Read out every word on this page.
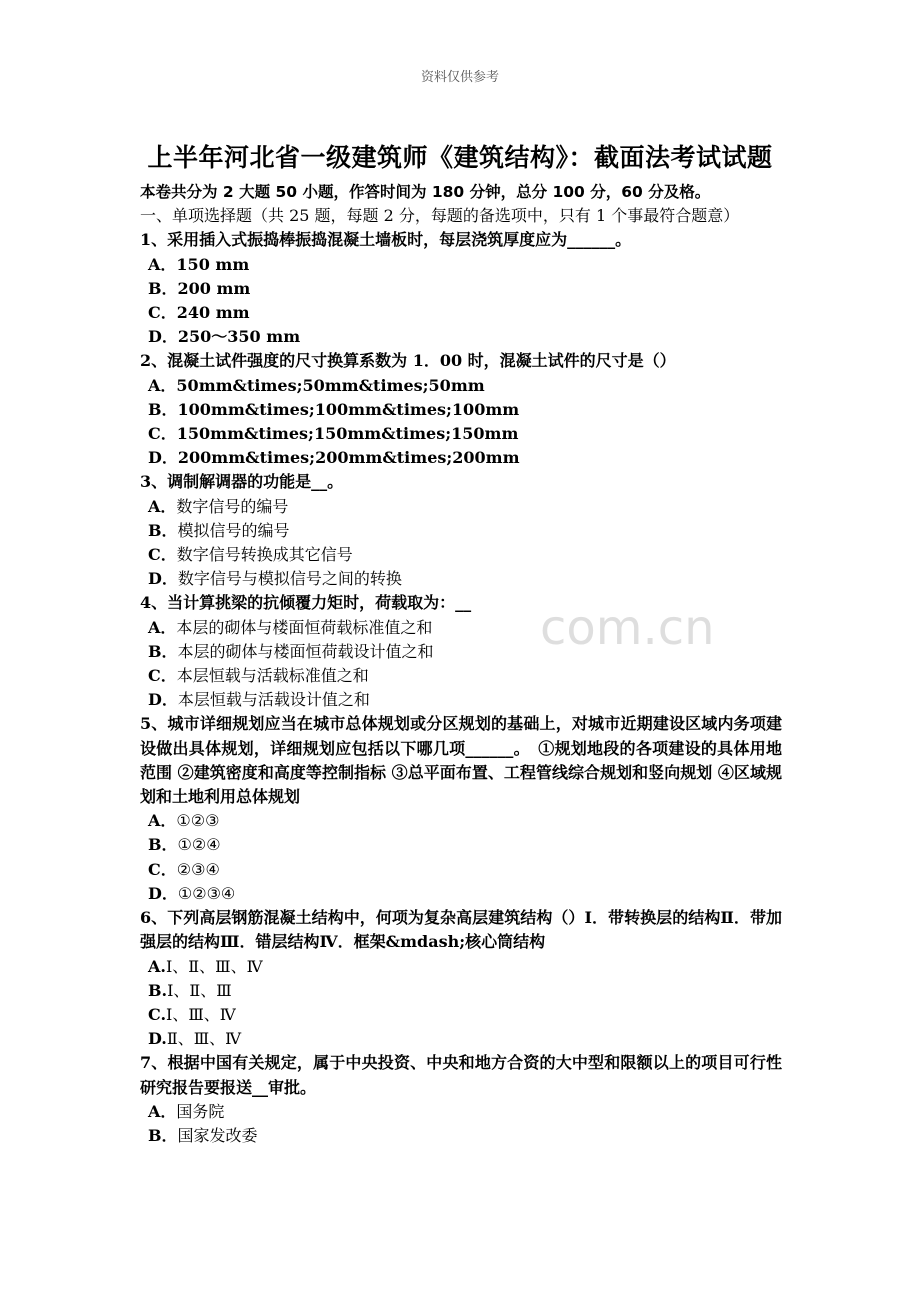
资料仅供参考
上半年河北省一级建筑师《建筑结构》：截面法考试试题

本卷共分为 2 大题 50 小题，作答时间为 180 分钟，总分 100 分，60 分及格。

一、单项选择题（共 25 题，每题 2 分，每题的备选项中，只有 1 个事最符合题意）

1、采用插入式振捣棒振捣混凝土墙板时，每层浇筑厚度应为______。

A．150 mm

B．200 mm

C．240 mm

D．250～350 mm

2、混凝土试件强度的尺寸换算系数为 1．00 时，混凝土试件的尺寸是（）

A．50mm&times;50mm&times;50mm

B．100mm&times;100mm&times;100mm

C．150mm&times;150mm&times;150mm

D．200mm&times;200mm&times;200mm

3、调制解调器的功能是__。

A．数字信号的编号

B．模拟信号的编号

C．数字信号转换成其它信号

D．数字信号与模拟信号之间的转换

4、当计算挑梁的抗倾覆力矩时，荷载取为：__

A．本层的砌体与楼面恒荷载标准值之和

B．本层的砌体与楼面恒荷载设计值之和

C．本层恒载与活载标准值之和

D．本层恒载与活载设计值之和

5、城市详细规划应当在城市总体规划或分区规划的基础上，对城市近期建设区域内务项建设做出具体规划，详细规划应包括以下哪几项______。　①规划地段的各项建设的具体用地范围 ②建筑密度和高度等控制指标 ③总平面布置、工程管线综合规划和竖向规划 ④区域规划和土地利用总体规划

A．①②③

B．①②④

C．②③④

D．①②③④

6、下列高层钢筋混凝土结构中，何项为复杂高层建筑结构（）Ⅰ．带转换层的结构Ⅱ．带加强层的结构Ⅲ．错层结构Ⅳ．框架&mdash;核心筒结构

A.Ⅰ、Ⅱ、Ⅲ、Ⅳ

B.Ⅰ、Ⅱ、Ⅲ

C.Ⅰ、Ⅲ、Ⅳ

D.Ⅱ、Ⅲ、Ⅳ

7、根据中国有关规定，属于中央投资、中央和地方合资的大中型和限额以上的项目可行性研究报告要报送__审批。

A．国务院

B．国家发改委

com.cn
